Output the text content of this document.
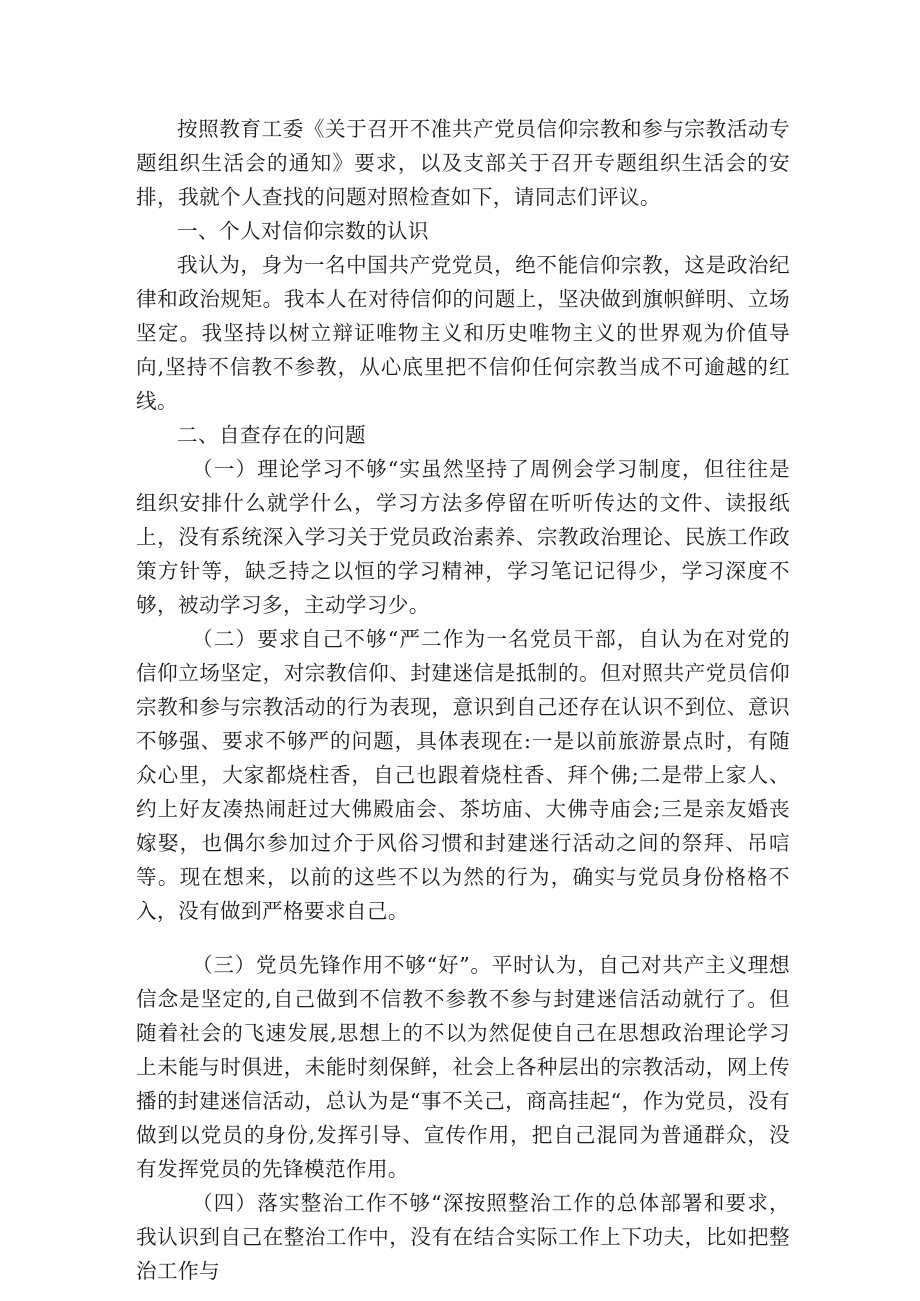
按照教育工委《关于召开不准共产党员信仰宗教和参与宗教活动专题组织生活会的通知》要求，以及支部关于召开专题组织生活会的安排，我就个人查找的问题对照检查如下，请同志们评议。

一、个人对信仰宗数的认识

我认为，身为一名中国共产党党员，绝不能信仰宗教，这是政治纪律和政治规矩。我本人在对待信仰的问题上，坚决做到旗帜鲜明、立场坚定。我坚持以树立辩证唯物主义和历史唯物主义的世界观为价值导向,坚持不信教不参教，从心底里把不信仰任何宗教当成不可逾越的红线。

二、自查存在的问题

（一）理论学习不够“实虽然坚持了周例会学习制度，但往往是组织安排什么就学什么，学习方法多停留在听听传达的文件、读报纸上，没有系统深入学习关于党员政治素养、宗教政治理论、民族工作政策方针等，缺乏持之以恒的学习精神，学习笔记记得少，学习深度不够，被动学习多，主动学习少。

（二）要求自己不够“严二作为一名党员干部，自认为在对党的信仰立场坚定，对宗教信仰、封建迷信是抵制的。但对照共产党员信仰宗教和参与宗教活动的行为表现，意识到自己还存在认识不到位、意识不够强、要求不够严的问题，具体表现在:一是以前旅游景点时，有随众心里，大家都烧柱香，自己也跟着烧柱香、拜个佛;二是带上家人、约上好友凑热闹赶过大佛殿庙会、茶坊庙、大佛寺庙会;三是亲友婚丧嫁娶，也偶尔参加过介于风俗习惯和封建迷行活动之间的祭拜、吊唁等。现在想来，以前的这些不以为然的行为，确实与党员身份格格不入，没有做到严格要求自己。

（三）党员先锋作用不够“好”。平时认为，自己对共产主义理想信念是坚定的,自己做到不信教不参教不参与封建迷信活动就行了。但随着社会的飞速发展,思想上的不以为然促使自己在思想政治理论学习上未能与时俱进，未能时刻保鲜，社会上各种层出的宗教活动，网上传播的封建迷信活动，总认为是“事不关己，商高挂起“，作为党员，没有做到以党员的身份,发挥引导、宣传作用，把自己混同为普通群众，没有发挥党员的先锋模范作用。

（四）落实整治工作不够“深按照整治工作的总体部署和要求，我认识到自己在整治工作中，没有在结合实际工作上下功夫，比如把整治工作与
